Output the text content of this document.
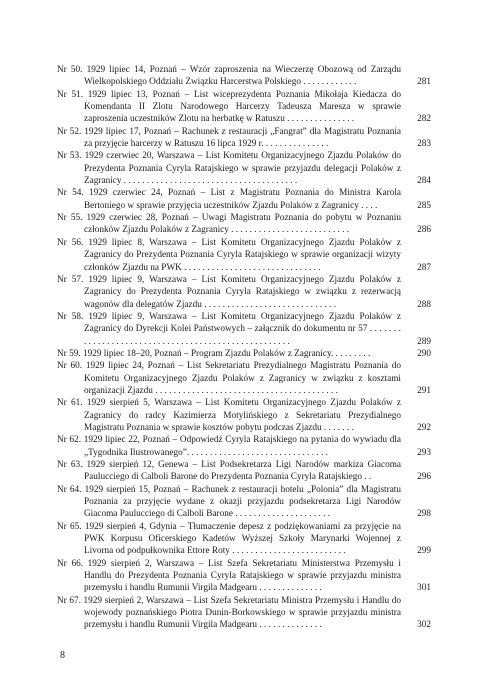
Nr 50. 1929 lipiec 14, Poznań – Wzór zaproszenia na Wieczerzę Obozową od Zarządu Wielkopolskiego Oddziału Związku Harcerstwa Polskiego . . . . . . . . . . . .	281

Nr 51. 1929 lipiec 13, Poznań – List wiceprezydenta Poznania Mikołaja Kiedacza do Komendanta II Zlotu Narodowego Harcerzy Tadeusza Maresza w sprawie zaproszenia uczestników Zlotu na herbatkę w Ratuszu . . . . . . . . . . . . . . .	282

Nr 52. 1929 lipiec 17, Poznań – Rachunek z restauracji „Fangrat” dla Magistratu Poznania za przyjęcie harcerzy w Ratuszu 16 lipca 1929 r. . . . . . . . . . . . . . .	283

Nr 53. 1929 czerwiec 20, Warszawa – List Komitetu Organizacyjnego Zjazdu Polaków do Prezydenta Poznania Cyryla Ratajskiego w sprawie przyjazdu delegacji Polaków z Zagranicy . . . . . . . . . . . . . . . . . . . . . . . . . . . . . . . . . . . . . .	284

Nr 54. 1929 czerwiec 24, Poznań – List z Magistratu Poznania do Ministra Karola Bertoniego w sprawie przyjęcia uczestników Zjazdu Polaków z Zagranicy . . . .	285

Nr 55. 1929 czerwiec 28, Poznań – Uwagi Magistratu Poznania do pobytu w Poznaniu członków Zjazdu Polaków z Zagranicy . . . . . . . . . . . . . . . . . . . . . . . . . .	286

Nr 56. 1929 lipiec 8, Warszawa – List Komitetu Organizacyjnego Zjazdu Polaków z Zagranicy do Prezydenta Poznania Cyryla Ratajskiego w sprawie organizacji wizyty członków Zjazdu na PWK . . . . . . . . . . . . . . . . . . . . . . . . . . . . . .	287

Nr 57. 1929 lipiec 9, Warszawa – List Komitetu Organizacyjnego Zjazdu Polaków z Zagranicy do Prezydenta Poznania Cyryla Ratajskiego w związku z rezerwacją wagonów dla delegatów Zjazdu . . . . . . . . . . . . . . . . . . . . . . . . . . . . .	288

Nr 58. 1929 lipiec 9, Warszawa – List Komitetu Organizacyjnego Zjazdu Polaków z Zagranicy do Dyrekcji Kolei Państwowych – załącznik do dokumentu nr 57 . . . . . . . . . . . . . . . . . . . . . . . . . . . . . . . . . . . . . . . . . . . . . . . . . . . .	289

Nr 59. 1929 lipiec 18–20, Poznań – Program Zjazdu Polaków z Zagranicy. . . . . . . . .	290

Nr 60. 1929 lipiec 24, Poznań – List Sekretariatu Prezydialnego Magistratu Poznania do Komitetu Organizacyjnego Zjazdu Polaków z Zagranicy w związku z kosztami organizacji Zjazdu . . . . . . . . . . . . . . . . . . . . . . . . . . . . . . . . . . . . . . . .	291

Nr 61. 1929 sierpień 5, Warszawa – List Komitetu Organizacyjnego Zjazdu Polaków z Zagranicy do radcy Kazimierza Motylińskiego z Sekretariatu Prezydialnego Magistratu Poznania w sprawie kosztów pobytu podczas Zjazdu . . . . . . .	292

Nr 62. 1929 lipiec 22, Poznań – Odpowiedź Cyryla Ratajskiego na pytania do wywiadu dla „Tygodnika Ilustrowanego”. . . . . . . . . . . . . . . . . . . . . . . . . . . . . . .	293

Nr 63. 1929 sierpień 12, Genewa – List Podsekretarza Ligi Narodów markiza Giacoma Paulucciego di Calboli Barone do Prezydenta Poznania Cyryla Ratajskiego . .	296

Nr 64. 1929 sierpień 15, Poznań – Rachunek z restauracji hotelu „Polonia” dla Magistratu Poznania za przyjęcie wydane z okazji przyjazdu podsekretarza Ligi Narodów Giacoma Paulucciego di Calboli Barone . . . . . . . . . . . . . . . . . . . . .	298

Nr 65. 1929 sierpień 4, Gdynia – Tłumaczenie depesz z podziękowaniami za przyjęcie na PWK Korpusu Oficerskiego Kadetów Wyższej Szkoły Marynarki Wojennej z Livorna od podpułkownika Ettore Roty . . . . . . . . . . . . . . . . . . . . . . . . .	299

Nr 66. 1929 sierpień 2, Warszawa – List Szefa Sekretariatu Ministerstwa Przemysłu i Handlu do Prezydenta Poznania Cyryla Ratajskiego w sprawie przyjazdu ministra przemysłu i handlu Rumunii Virgila Madgearu . . . . . . . . . . . . . .	301

Nr 67. 1929 sierpień 2, Warszawa – List Szefa Sekretariatu Ministra Przemysłu i Handlu do wojewody poznańskiego Piotra Dunin-Borkowskiego w sprawie przyjazdu ministra przemysłu i handlu Rumunii Virgila Madgearu . . . . . . . . . . . . . .	302
8
